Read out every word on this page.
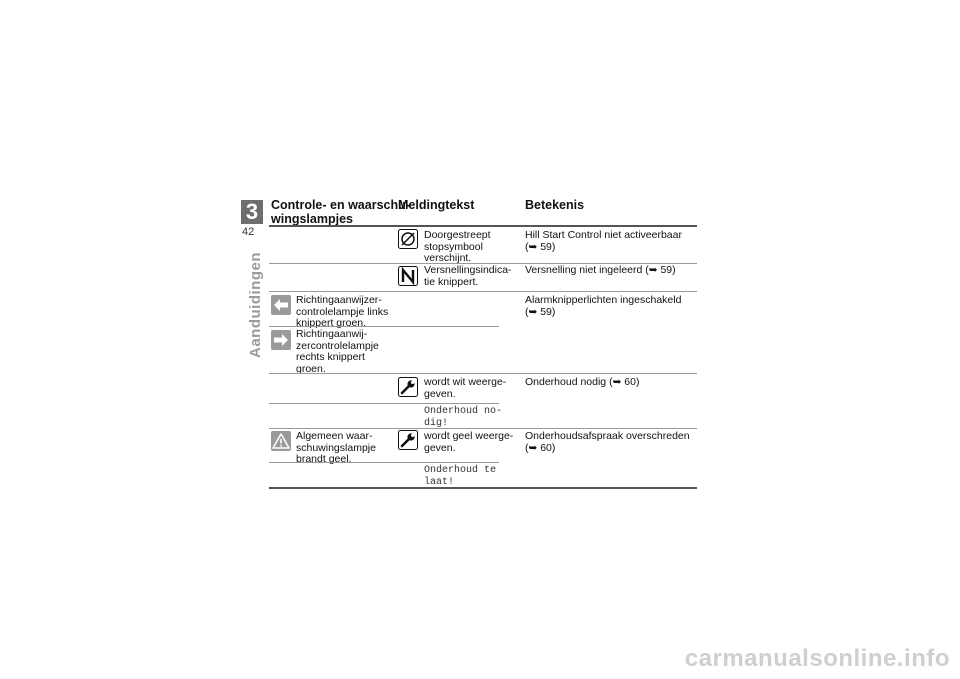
3
42
Aanduidingen
Controle- en waarschu-
wingslampjes
Meldingtekst	Betekenis
Doorgestreept
stopsymbool
verschijnt.
Hill Start Control niet activeerbaar
(➥ 59)
Versnellingsindica-
tie knippert.
Versnelling niet ingeleerd (➥ 59)
Richtingaanwijzer-
controlelampje links
knippert groen.
Alarmknipperlichten ingeschakeld
(➥ 59)
Richtingaanwij-
zercontrolelampje
rechts knippert
groen.
wordt wit weerge-
geven.
Onderhoud nodig (➥ 60)
Onderhoud no-
dig!
Algemeen waar-
schuwingslampje
brandt geel.
wordt geel weerge-
geven.
Onderhoudsafspraak overschreden
(➥ 60)
Onderhoud te
laat!
carmanualsonline.info
